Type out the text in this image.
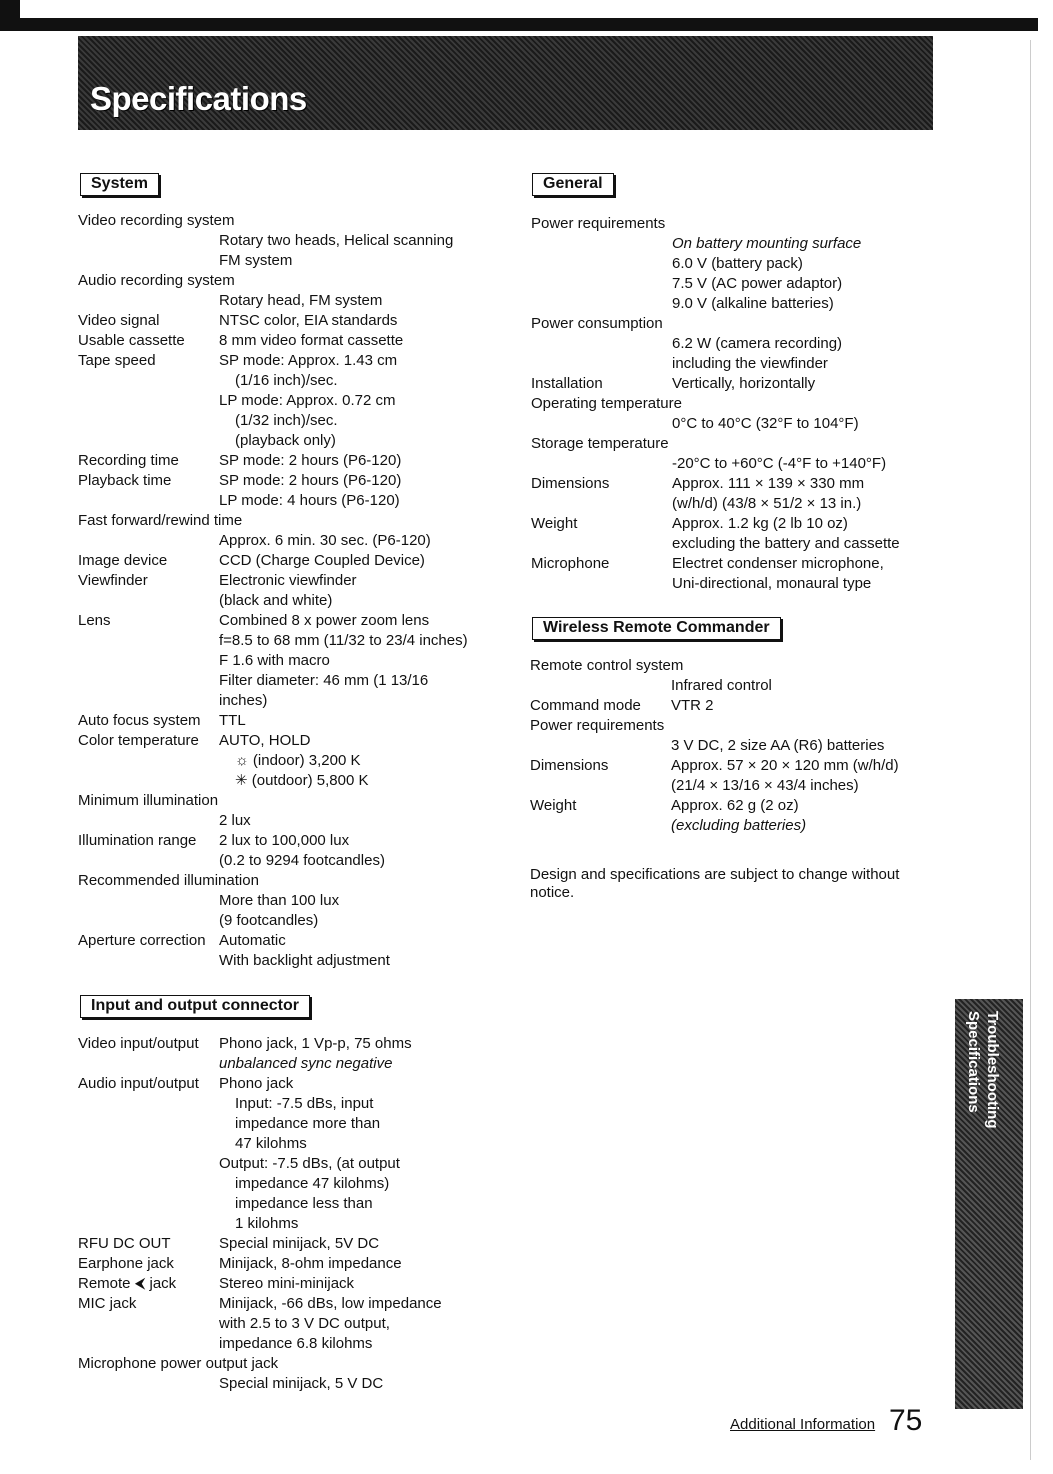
Specifications
System
Video recording system
Rotary two heads, Helical scanning
FM system
Audio recording system
Rotary head, FM system
Video signal	NTSC color, EIA standards
Usable cassette 8 mm video format cassette
Tape speed	SP mode: Approx. 1.43 cm
(1/16 inch)/sec.
LP mode: Approx. 0.72 cm
(1/32 inch)/sec.
(playback only)
Recording time	SP mode: 2 hours (P6-120)
Playback time	SP mode: 2 hours (P6-120)
LP mode: 4 hours (P6-120)
Fast forward/rewind time
Approx. 6 min. 30 sec. (P6-120)
Image device	CCD (Charge Coupled Device)
Viewfinder	Electronic viewfinder
(black and white)
Lens	Combined 8 x power zoom lens
f=8.5 to 68 mm (11/32 to 23/4 inches)
F 1.6 with macro
Filter diameter: 46 mm (1 13/16
inches)
Auto focus system TTL
Color temperature AUTO, HOLD
☼ (indoor) 3,200 K
✳ (outdoor) 5,800 K
Minimum illumination
2 lux
Illumination range 2 lux to 100,000 lux
(0.2 to 9294 footcandles)
Recommended illumination
More than 100 lux
(9 footcandles)
Aperture correction Automatic
With backlight adjustment
Input and output connector
Video input/output Phono jack, 1 Vp-p, 75 ohms
unbalanced sync negative
Audio input/output Phono jack
Input: -7.5 dBs, input
impedance more than
47 kilohms
Output: -7.5 dBs, (at output
impedance 47 kilohms)
impedance less than
1 kilohms
RFU DC OUT	Special minijack, 5V DC
Earphone jack	Minijack, 8-ohm impedance
Remote ⮜ jack	Stereo mini-minijack
MIC jack	Minijack, -66 dBs, low impedance
with 2.5 to 3 V DC output,
impedance 6.8 kilohms
Microphone power output jack
Special minijack, 5 V DC
General
Power requirements
On battery mounting surface
6.0 V (battery pack)
7.5 V (AC power adaptor)
9.0 V (alkaline batteries)
Power consumption
6.2 W (camera recording)
including the viewfinder
Installation	Vertically, horizontally
Operating temperature
0°C to 40°C (32°F to 104°F)
Storage temperature
-20°C to +60°C (-4°F to +140°F)
Dimensions	Approx. 111 × 139 × 330 mm
(w/h/d) (43/8 × 51/2 × 13 in.)
Weight	Approx. 1.2 kg (2 lb 10 oz)
excluding the battery and cassette
Microphone	Electret condenser microphone,
Uni-directional, monaural type
Wireless Remote Commander
Remote control system
Infrared control
Command mode VTR 2
Power requirements
3 V DC, 2 size AA (R6) batteries
Dimensions	Approx. 57 × 20 × 120 mm (w/h/d)
(21/4 × 13/16 × 43/4 inches)
Weight	Approx. 62 g (2 oz)
(excluding batteries)
Design and specifications are subject to change without notice.
Troubleshooting
Specifications
Additional Information 75
